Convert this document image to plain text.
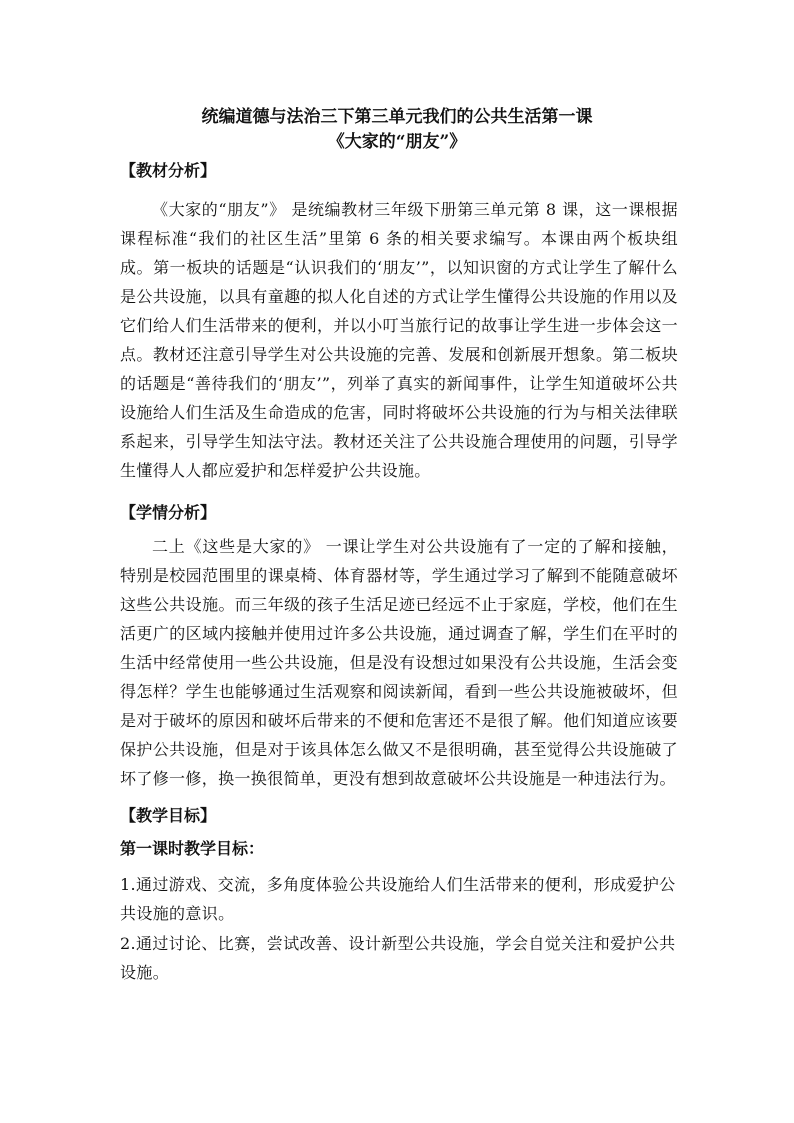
统编道德与法治三下第三单元我们的公共生活第一课
《大家的“朋友”》
【教材分析】
《大家的“朋友”》 是统编教材三年级下册第三单元第 8 课，这一课根据课程标准“我们的社区生活”里第 6 条的相关要求编写。本课由两个板块组成。第一板块的话题是“认识我们的‘朋友’”，以知识窗的方式让学生了解什么是公共设施，以具有童趣的拟人化自述的方式让学生懂得公共设施的作用以及它们给人们生活带来的便利，并以小叮当旅行记的故事让学生进一步体会这一点。教材还注意引导学生对公共设施的完善、发展和创新展开想象。第二板块的话题是“善待我们的‘朋友’”，列举了真实的新闻事件，让学生知道破坏公共设施给人们生活及生命造成的危害，同时将破坏公共设施的行为与相关法律联系起来，引导学生知法守法。教材还关注了公共设施合理使用的问题，引导学生懂得人人都应爱护和怎样爱护公共设施。
【学情分析】
二上《这些是大家的》 一课让学生对公共设施有了一定的了解和接触，特别是校园范围里的课桌椅、体育器材等，学生通过学习了解到不能随意破坏这些公共设施。而三年级的孩子生活足迹已经远不止于家庭，学校，他们在生活更广的区域内接触并使用过许多公共设施，通过调查了解，学生们在平时的生活中经常使用一些公共设施，但是没有设想过如果没有公共设施，生活会变得怎样？学生也能够通过生活观察和阅读新闻，看到一些公共设施被破坏，但是对于破坏的原因和破坏后带来的不便和危害还不是很了解。他们知道应该要保护公共设施，但是对于该具体怎么做又不是很明确，甚至觉得公共设施破了坏了修一修，换一换很简单，更没有想到故意破坏公共设施是一种违法行为。
【教学目标】
第一课时教学目标：
1.通过游戏、交流，多角度体验公共设施给人们生活带来的便利，形成爱护公共设施的意识。
2.通过讨论、比赛，尝试改善、设计新型公共设施，学会自觉关注和爱护公共设施。
